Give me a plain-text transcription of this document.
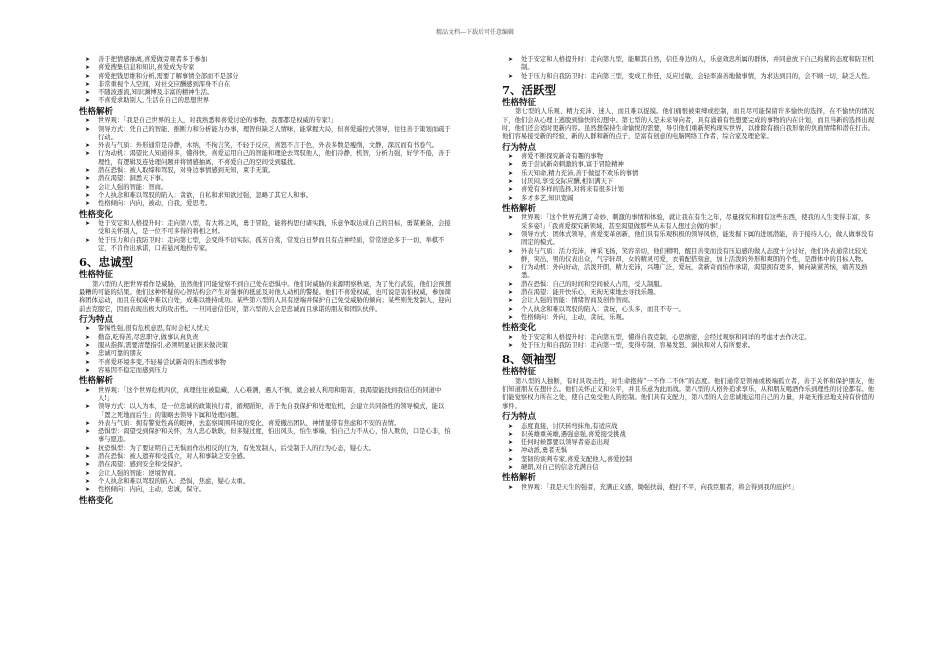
精品文档---下载后可任意编辑
➤ 善于把情感抽离,喜爱做旁观者多于参加
➤ 喜爱搜集信息和知识,喜爱成为专家
➤ 喜爱把钱思维和分析,需要了解事情全部而不是部分
➤ 非常重视个人空间，对社交应酬感到浑身不自在
➤ 不随波逐流,知识渊博及丰富的精神生活。
➤ 不喜爱求助别人, 生活在自己的思想世界
性格解析
➤ 世界观：「我是自己世界的主人，对我熟悉和喜爱讨论的事物，我那都是权威的专家!」
➤ 领导方式：凭自己的智能、推断力和分析能力办事，理智但缺乏人情味，能掌握大局，但喜爱遥控式领导，往往善于策划而疏于行动。
➤ 外表与气质：外形通常是冷静，木纳，不拘言笑，不轻于反应，喜怒不言于色，外表多数是瘦削，文静，深沉而有书卷气。
➤ 行为动机：渴望比人知道得多，懂得快，喜爱运用自己的智能和理论去驾驭他人，他们冷静，机智，分析力强，好学不倦，善于理性，有逻辑及连处理问题并将情感抽离，不喜爱自己的空间受到骚扰。
➤ 潜在恐惧：被人取缔和驾驭，对身边事情感到无知，束手无策。
➤ 潜在渴望：洞悉天下事。
➤ 会让人强的智能：智商。
➤ 个人执念和难以驾驭的陷入：贪欲，自私和求知欲过强，忽略了其它人和事。
➤ 性格倾向：内向，被动，自我，爱思考。
性格变化
➤ 处于安定和人格提升时：走向第八型，有大将之风，勇于冒险，能将构思付诸实践，乐意争取达成自己的目标，勇谋兼备，会接受和关怀别人，是一位不可多得的将相之材。
➤ 处于压力和自我防卫时：走向第七型，会变得不切实际，孤芳自赏，常发白日梦而且有点神经质，常常逆论多于一切，举棋不定，不肯作出承诺，口若悬河地扮专家。
6、忠诚型
性格特征

第六型的人把世界看作是威胁，虽然他们可能觉察不到自己处在恐惧中。他们对威胁的来源明察秋毫，为了先行武装，他们会预想最糟的可能的结果。他们这种怀疑的心智结构会产生对强事的抵延及对他人动机的警疑。他们不喜爱权威，也可说是害怕权威，参加简称团体运动，而且在权威中难以自处，成难以维持成功。某些第六型的人具有逆端并保护自己免受威胁的倾向；某些则先发制人，迎向前去克服它，因而表现出极大的攻击性。一旦同意信任时，第六型的人会是忠诚而且承诺的朋友和团队伙伴。

行为特点
➤ 警惕性强,很有危机意思,有时会杞人忧天
➤ 勤奋,吃得苦,尽忠职守,做事认真负责
➤ 服从指挥,需要清楚指引,必须明显证据来做决策
➤ 忠诚可靠的朋友
➤ 不喜爱环境多变,不轻易尝试新奇的东西或事物
➤ 容易因不稳定而感到压力
性格解析
➤ 世界观：「这个世界危机四伏，真理往往被隐藏，人心难测，遇人不慎，就会被人利用和陷害，我渴望能找到我信任的同道中人!」
➤ 领导方式：以人为本，是一位忠诚的政策执行者，循规蹈矩，善于先自我保护和处理危机，会建立共同备性的领导模式，能以「置之死地而后生」的策略去领导下属和处理问题。
➤ 外表与气质：拥有警觉性高的眼神，去监察周围环境的变化，喜爱撤出团队，神情显带有焦虑和不安的表情。
➤ 恐惧型：渴望受到保护和关怀，为人忠心耿耿，但多疑过度，怕出风头，怕生事端，怕自己力不从心，怕人欺负，口是心非，怕事与愿违。
➤ 抗恐惧型：为了要证明自己无惧而作出相反的行为，有先发制人，后受制于人的行为心态，疑心大。
➤ 潜在恐惧：被人遗弃和受孤立，对人和事缺乏安全感。
➤ 潜在渴望：感到安全和受保护。
➤ 会让人强的智能：逆境智商。
➤ 个人执念和难以驾驭的陷入：恐惧，焦虑，疑心太重。
➤ 性格倾向：内向，主动，忠诚，保守。
性格变化
➤ 处于安定和人格提升时：走向第九型，能顺其自然，信任身边的人，乐意效忠所属的群体，并同意放下自己拘紧的态度和防卫机制。
➤ 处于压力和自我防卫时：走向第三型，变成工作狂，反应过敏，会轻率凑善地做事情，为求达到目的，会不顾一切，缺乏人性。
7、活跃型
性格特征

第七型的人乐观、精力充沛、迷人，而且难以捉摸。他们痛恨被束缚或控制，而且尽可能保留许多愉快的选择，在不愉快的情况下，他们会从心理上逃脱到愉快的幻想中。第七型的人是未来导向者，具有涌着有性想要完成的事物的内在计划，而且当新的选择出现时，他们还会适时更新内容。虽然想保持生命愉悦的需要，导引他们重新契构现实世界，以排除有损自我形象的负面情绪和潜在打击。他们容易接受新的经验、新的人群和新的点子，是富有创意的电脑网络工作者、综合家及理论家。

行为特点
➤ 喜爱不断探究新奇有趣的事物
➤ 勇于尝试新奇刺激的事,富于冒险精神
➤ 乐天知命,精力充沛,善于做逗不欢乐的事情
➤ 讨厌闷,享受交际应酬,相识满天下
➤ 喜爱有多样的选择,对将来有很多计划
➤ 多才多艺,知识宽阔
性格解析
➤ 世界观：「这个世界充满了奇妙、刺激的事情和体验，就让我在有生之年，尽量探究和拥有这些东西，使我的人生变得丰富，多采多姿!」「我喜爱探究新领域，甚至渴望做那些从未有人想过会做的事!」
➤ 领导方式：团体式领导，喜爱变革创新，他们具有乐观积极的领导风格，能发掘下属的进展潜能，善于接待人心，做人做事没有固定的模式。
➤ 外表与气质：活力充沛，神采飞扬，笑容亲切，他们精明，醒目善变而没有压迫感的做人态度十分讨好，他们外表通常比较光鲜，突出，男的仪表出众，气宇轩昂，女的精灵可爱，衣着配搭刻意，加上活泼的外形和爽朗的个性，是群体中的目标人物。
➤ 行为动机：外向好动，活泼开朗，精力充沛，兴趣广泛，爱玩，贪新奇而怕作承诺，渴望拥有更多，倾向缺紧苦恼，痛苦及熟悉。
➤ 潜在恐惧：自己的时间和空间被人占用，受人制服。
➤ 潜在渴望：能开快乐心，无拘无束地去寻找乐趣。
➤ 会让人强的智能：情绪智商及创作智商。
➤ 个人执念和难以驾驭的陷入：贪玩，心头多，而且不专一。
➤ 性格倾向：外向，主动，贪玩，乐观。
性格变化
➤ 处于安定和人格提升时：走向第五型，懂得自我克制，心思缜密，会经过观察和同详的考虑才去作决定。
➤ 处于压力和自我防卫时：走向第一型，变得专制、容易发怒、洞执和对人有所要求。
8、领袖型
性格特征

第八型的人独断，有时具攻击性，对生命抱持“一不作二不休”的态度。他们通常是领袖或极端孤立者，善于关怀和保护朋友，他们知道朋友在想什么。他们关怀正义和公平，并且乐意为此而战。第八型的人格外追求享乐，从和朋友喝酒作乐到理性的讨论都有。他们能觉察权力所在之处，使自己免受他人的控制。他们具有支配力，第八型的人会忠诚地运用自己的力量，并毫无推忌地支持有价值的事件。

行为特点
➤ 态度直接，讨厌转弯抹角,有适应战
➤ 识英雄重英雄,遇强意强,喜爱接受挑战
➤ 任何时候都要以领导者姿态出现
➤ 冲动派,勇者无惧
➤ 坚韧的谈判专家,喜爱支配他人,喜爱控制
➤ 硬朗,对自己的信念充满自信
性格解析
➤ 世界观：「我是天生的强者，充满正义感，锄强扶弱，抱打不平，向我臣服者，将会得到我的庇护!」
